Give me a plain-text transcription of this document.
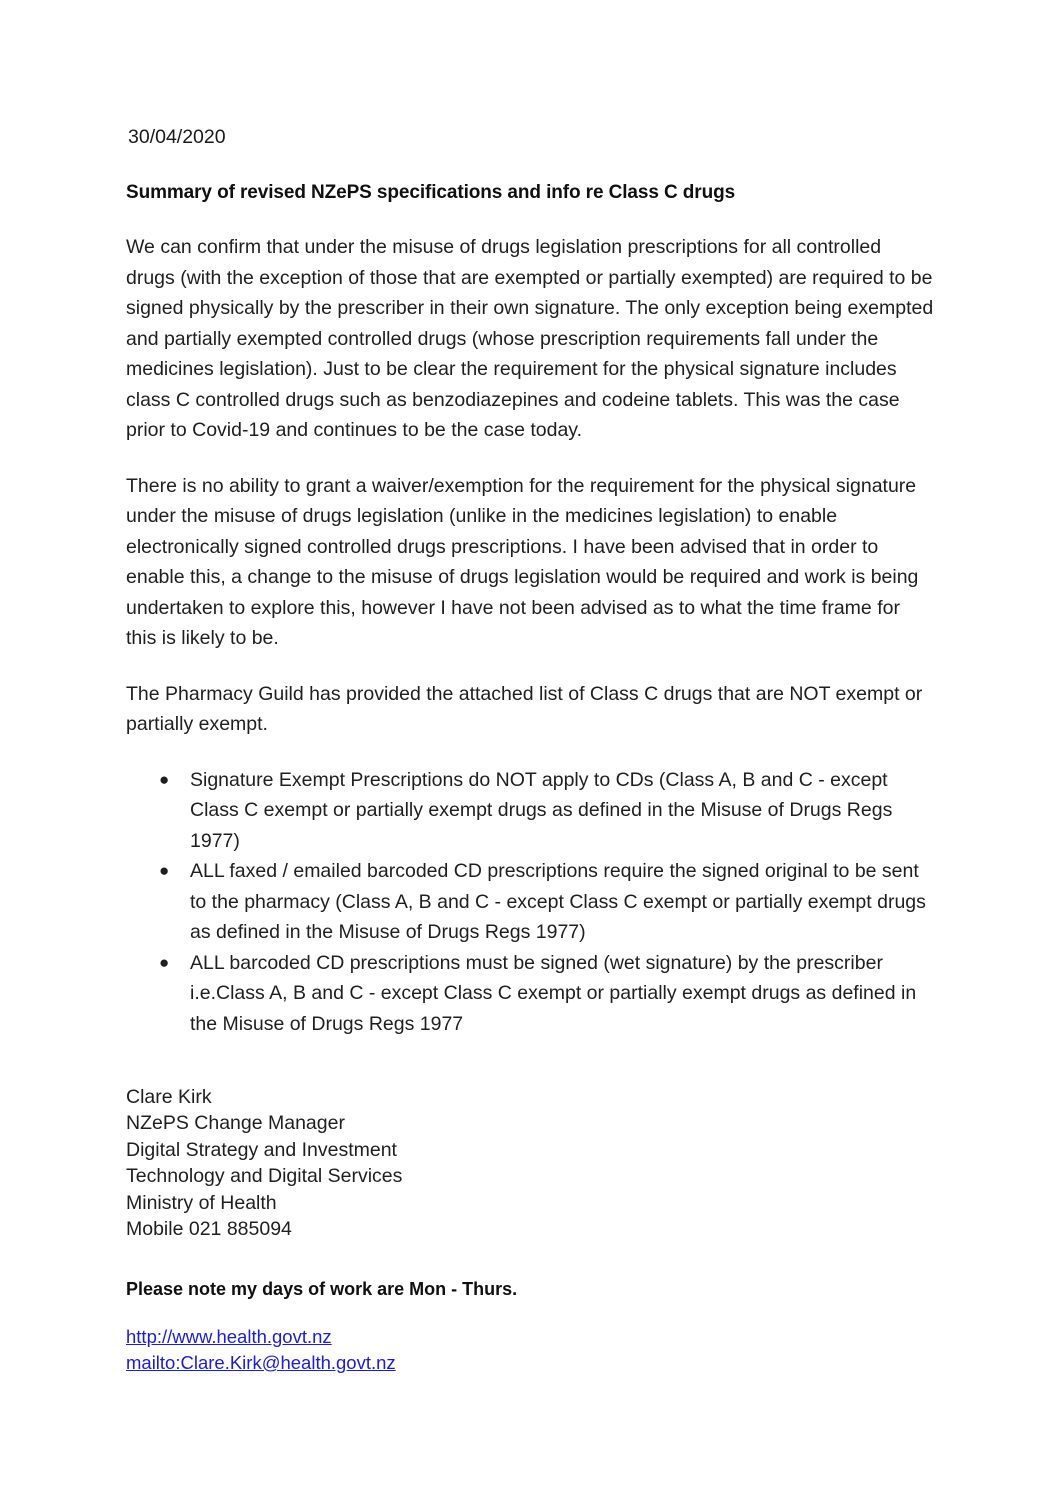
30/04/2020
Summary of revised NZePS specifications and info re Class C drugs

We can confirm that under the misuse of drugs legislation prescriptions for all controlled drugs (with the exception of those that are exempted or partially exempted) are required to be signed physically by the prescriber in their own signature. The only exception being exempted and partially exempted controlled drugs (whose prescription requirements fall under the medicines legislation). Just to be clear the requirement for the physical signature includes class C controlled drugs such as benzodiazepines and codeine tablets. This was the case prior to Covid-19 and continues to be the case today.

There is no ability to grant a waiver/exemption for the requirement for the physical signature under the misuse of drugs legislation (unlike in the medicines legislation) to enable electronically signed controlled drugs prescriptions. I have been advised that in order to enable this, a change to the misuse of drugs legislation would be required and work is being undertaken to explore this, however I have not been advised as to what the time frame for this is likely to be.

The Pharmacy Guild has provided the attached list of Class C drugs that are NOT exempt or partially exempt.

● Signature Exempt Prescriptions do NOT apply to CDs (Class A, B and C - except Class C exempt or partially exempt drugs as defined in the Misuse of Drugs Regs 1977)
● ALL faxed / emailed barcoded CD prescriptions require the signed original to be sent to the pharmacy (Class A, B and C - except Class C exempt or partially exempt drugs as defined in the Misuse of Drugs Regs 1977)
● ALL barcoded CD prescriptions must be signed (wet signature) by the prescriber i.e.Class A, B and C - except Class C exempt or partially exempt drugs as defined in the Misuse of Drugs Regs 1977
Clare Kirk
NZePS Change Manager
Digital Strategy and Investment
Technology and Digital Services
Ministry of Health
Mobile 021 885094
Please note my days of work are Mon - Thurs.
http://www.health.govt.nz
mailto:Clare.Kirk@health.govt.nz
